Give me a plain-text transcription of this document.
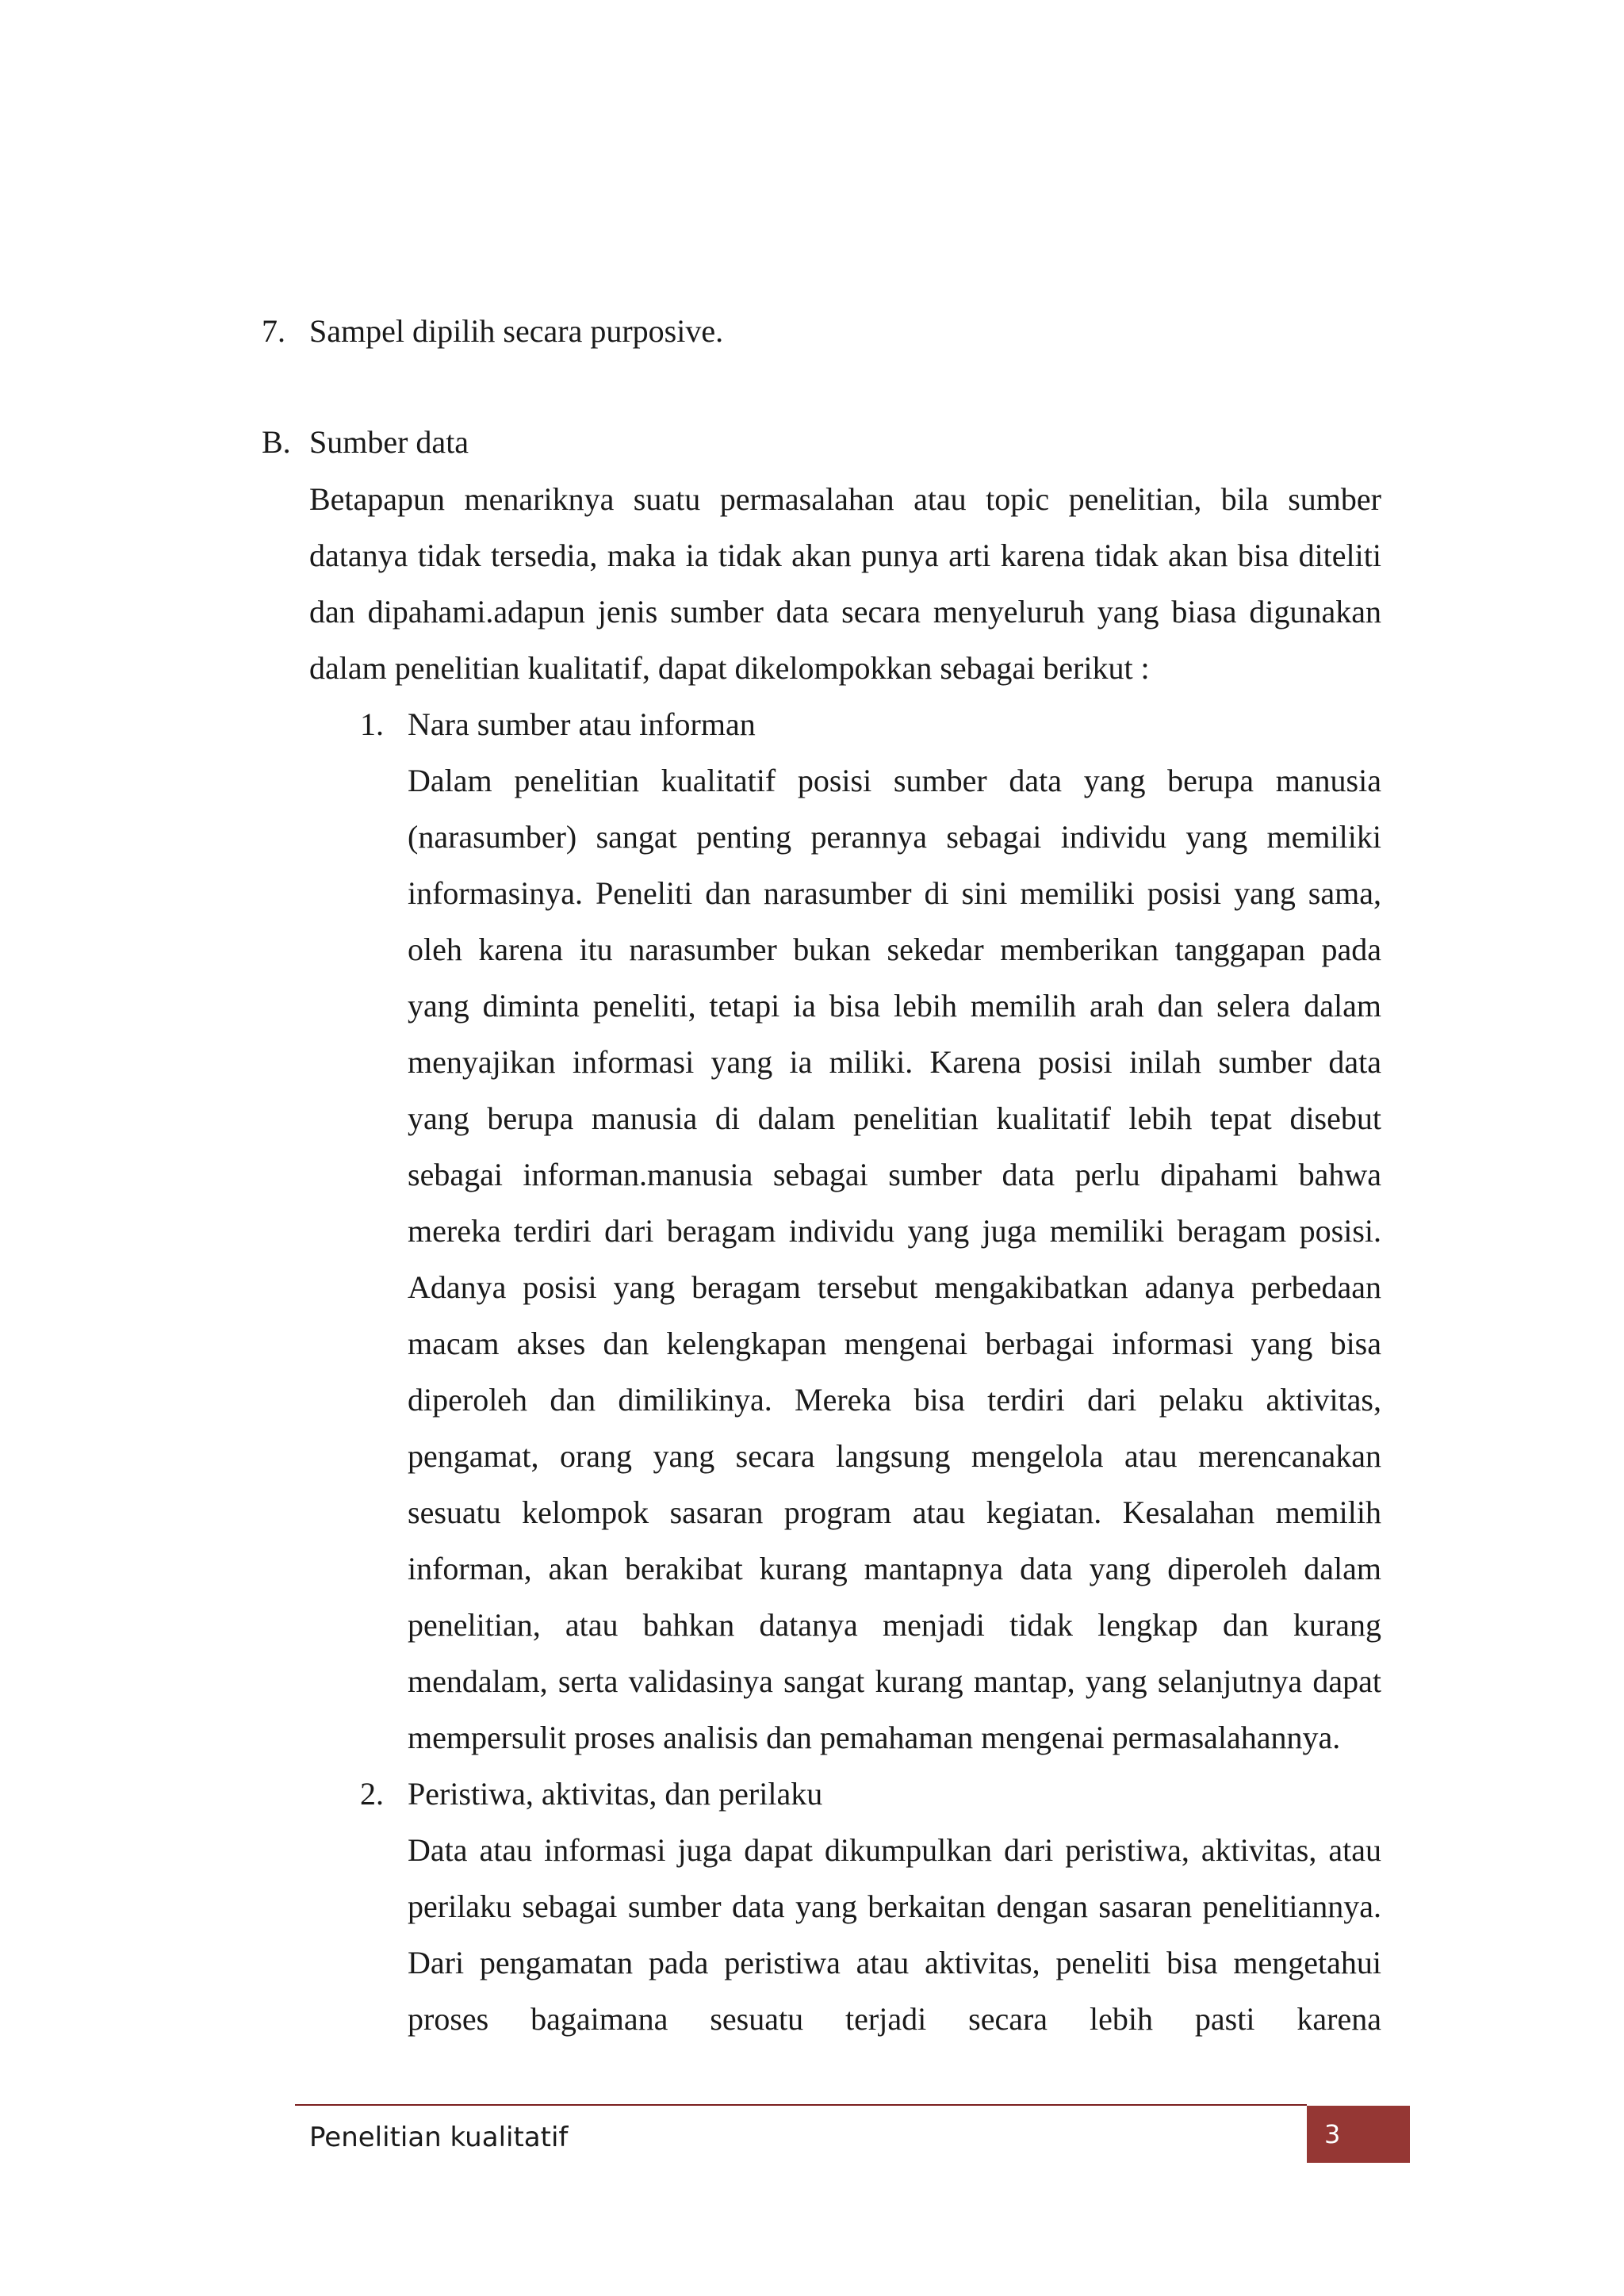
7. Sampel dipilih secara purposive.
B. Sumber data
Betapapun menariknya suatu permasalahan atau topic penelitian, bila sumber
datanya tidak tersedia, maka ia tidak akan punya arti karena tidak akan bisa diteliti
dan dipahami.adapun jenis sumber data secara menyeluruh yang biasa digunakan
dalam penelitian kualitatif, dapat dikelompokkan sebagai berikut :
1. Nara sumber atau informan
Dalam penelitian kualitatif posisi sumber data yang berupa manusia
(narasumber) sangat penting perannya sebagai individu yang memiliki
informasinya. Peneliti dan narasumber di sini memiliki posisi yang sama,
oleh karena itu narasumber bukan sekedar memberikan tanggapan pada
yang diminta peneliti, tetapi ia bisa lebih memilih arah dan selera dalam
menyajikan informasi yang ia miliki. Karena posisi inilah sumber data
yang berupa manusia di dalam penelitian kualitatif lebih tepat disebut
sebagai informan.manusia sebagai sumber data perlu dipahami bahwa
mereka terdiri dari beragam individu yang juga memiliki beragam posisi.
Adanya posisi yang beragam tersebut mengakibatkan adanya perbedaan
macam akses dan kelengkapan mengenai berbagai informasi yang bisa
diperoleh dan dimilikinya. Mereka bisa terdiri dari pelaku aktivitas,
pengamat, orang yang secara langsung mengelola atau merencanakan
sesuatu kelompok sasaran program atau kegiatan. Kesalahan memilih
informan, akan berakibat kurang mantapnya data yang diperoleh dalam
penelitian, atau bahkan datanya menjadi tidak lengkap dan kurang
mendalam, serta validasinya sangat kurang mantap, yang selanjutnya dapat
mempersulit proses analisis dan pemahaman mengenai permasalahannya.
2. Peristiwa, aktivitas, dan perilaku
Data atau informasi juga dapat dikumpulkan dari peristiwa, aktivitas, atau
perilaku sebagai sumber data yang berkaitan dengan sasaran penelitiannya.
Dari pengamatan pada peristiwa atau aktivitas, peneliti bisa mengetahui
proses bagaimana sesuatu terjadi secara lebih pasti karena
Penelitian kualitatif	3
